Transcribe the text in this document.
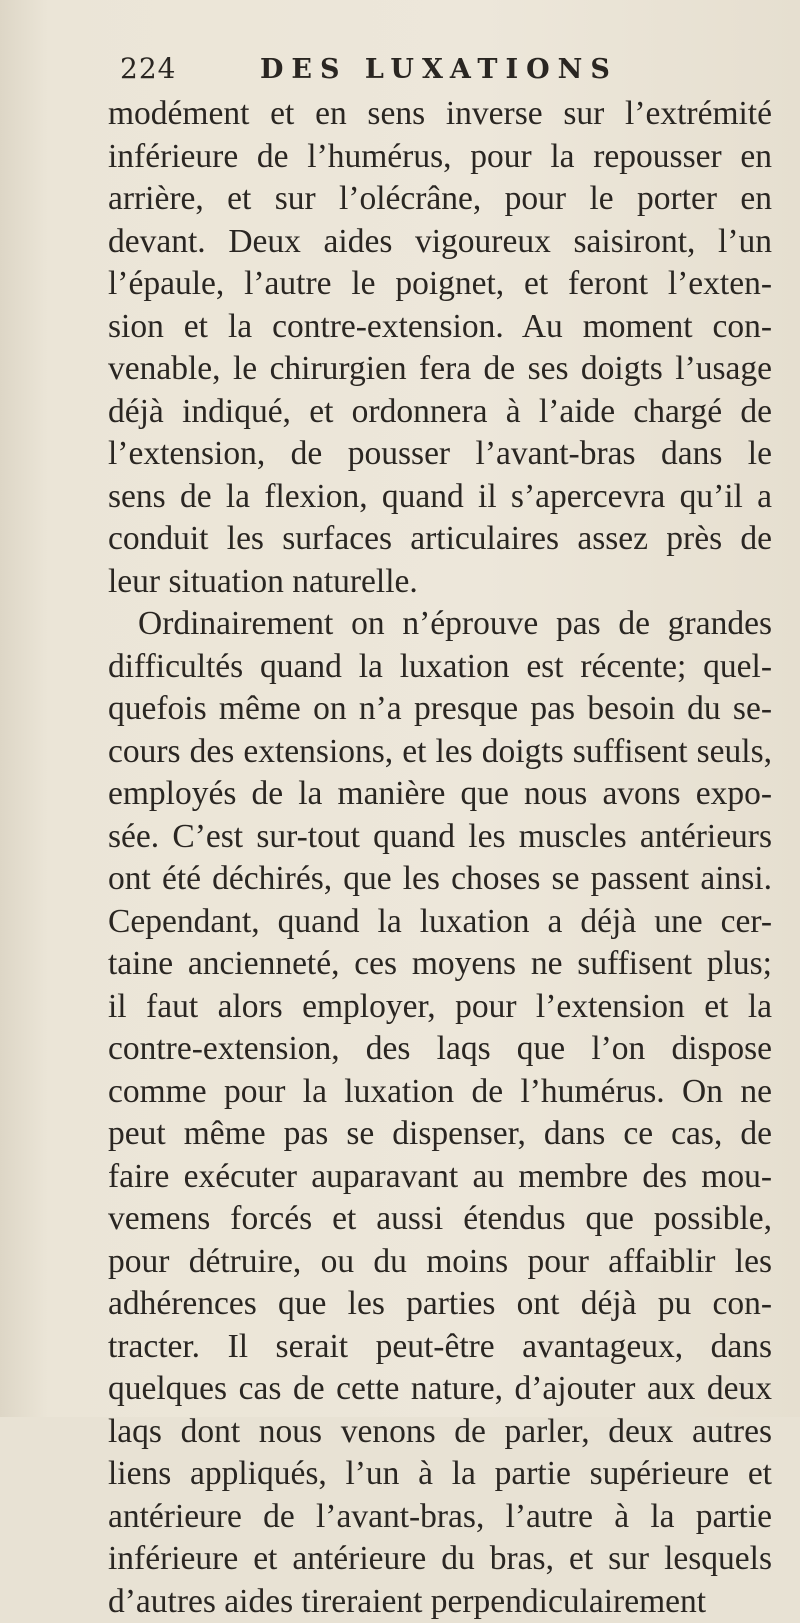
224	DES LUXATIONS
modément et en sens inverse sur l’extrémité
inférieure de l’humérus, pour la repousser en
arrière, et sur l’olécrâne, pour le porter en
devant. Deux aides vigoureux saisiront, l’un
l’épaule, l’autre le poignet, et feront l’exten-
sion et la contre-extension. Au moment con-
venable, le chirurgien fera de ses doigts l’usage
déjà indiqué, et ordonnera à l’aide chargé de
l’extension, de pousser l’avant-bras dans le
sens de la flexion, quand il s’apercevra qu’il a
conduit les surfaces articulaires assez près de
leur situation naturelle.
Ordinairement on n’éprouve pas de grandes
difficultés quand la luxation est récente; quel-
quefois même on n’a presque pas besoin du se-
cours des extensions, et les doigts suffisent seuls,
employés de la manière que nous avons expo-
sée. C’est sur-tout quand les muscles antérieurs
ont été déchirés, que les choses se passent ainsi.
Cependant, quand la luxation a déjà une cer-
taine ancienneté, ces moyens ne suffisent plus;
il faut alors employer, pour l’extension et la
contre-extension, des laqs que l’on dispose
comme pour la luxation de l’humérus. On ne
peut même pas se dispenser, dans ce cas, de
faire exécuter auparavant au membre des mou-
vemens forcés et aussi étendus que possible,
pour détruire, ou du moins pour affaiblir les
adhérences que les parties ont déjà pu con-
tracter. Il serait peut-être avantageux, dans
quelques cas de cette nature, d’ajouter aux deux
laqs dont nous venons de parler, deux autres
liens appliqués, l’un à la partie supérieure et
antérieure de l’avant-bras, l’autre à la partie
inférieure et antérieure du bras, et sur lesquels
d’autres aides tireraient perpendiculairement
